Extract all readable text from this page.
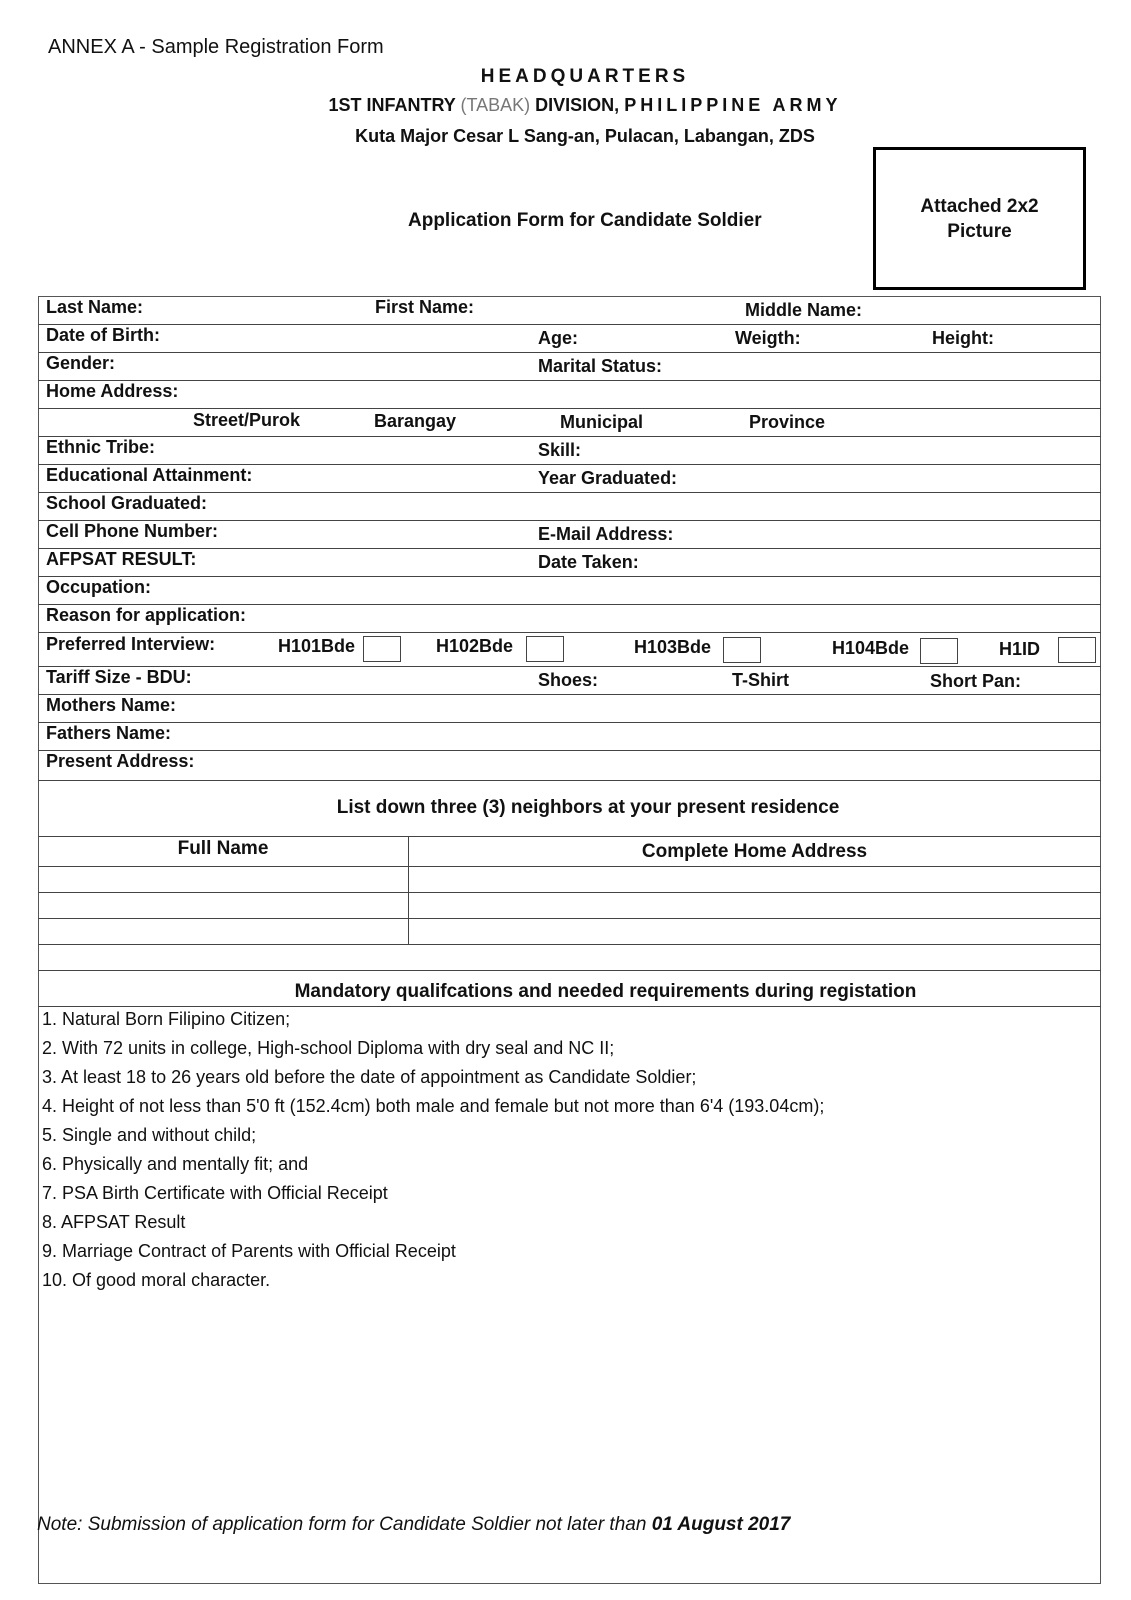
ANNEX A - Sample Registration Form
HEADQUARTERS
1ST INFANTRY (TABAK) DIVISION, PHILIPPINE ARMY
Kuta Major Cesar L Sang-an, Pulacan, Labangan, ZDS
Application Form for Candidate Soldier
Attached 2x2
Picture
Last Name:	First Name:	Middle Name:
Date of Birth:	Age:	Weigth:	Height:
Gender:	Marital Status:
Home Address:
Street/Purok	Barangay	Municipal	Province
Ethnic Tribe:	Skill:
Educational Attainment:	Year Graduated:
School Graduated:
Cell Phone Number:	E-Mail Address:
AFPSAT RESULT:	Date Taken:
Occupation:
Reason for application:
Preferred Interview:	H101Bde	H102Bde	H103Bde	H104Bde	H1ID
Tariff Size - BDU:	Shoes:	T-Shirt	Short Pan:
Mothers Name:
Fathers Name:
Present Address:
List down three (3) neighbors at your present residence
Full Name	Complete Home Address
Mandatory qualifcations and needed requirements during registation
1. Natural Born Filipino Citizen;
2. With 72 units in college, High-school Diploma with dry seal and NC II;
3. At least 18 to 26 years old before the date of appointment as Candidate Soldier;
4. Height of not less than 5'0 ft (152.4cm) both male and female but not more than 6'4 (193.04cm);
5. Single and without child;
6. Physically and mentally fit; and
7. PSA Birth Certificate with Official Receipt
8. AFPSAT Result
9. Marriage Contract of Parents with Official Receipt
10. Of good moral character.
Note: Submission of application form for Candidate Soldier not later than 01 August 2017
